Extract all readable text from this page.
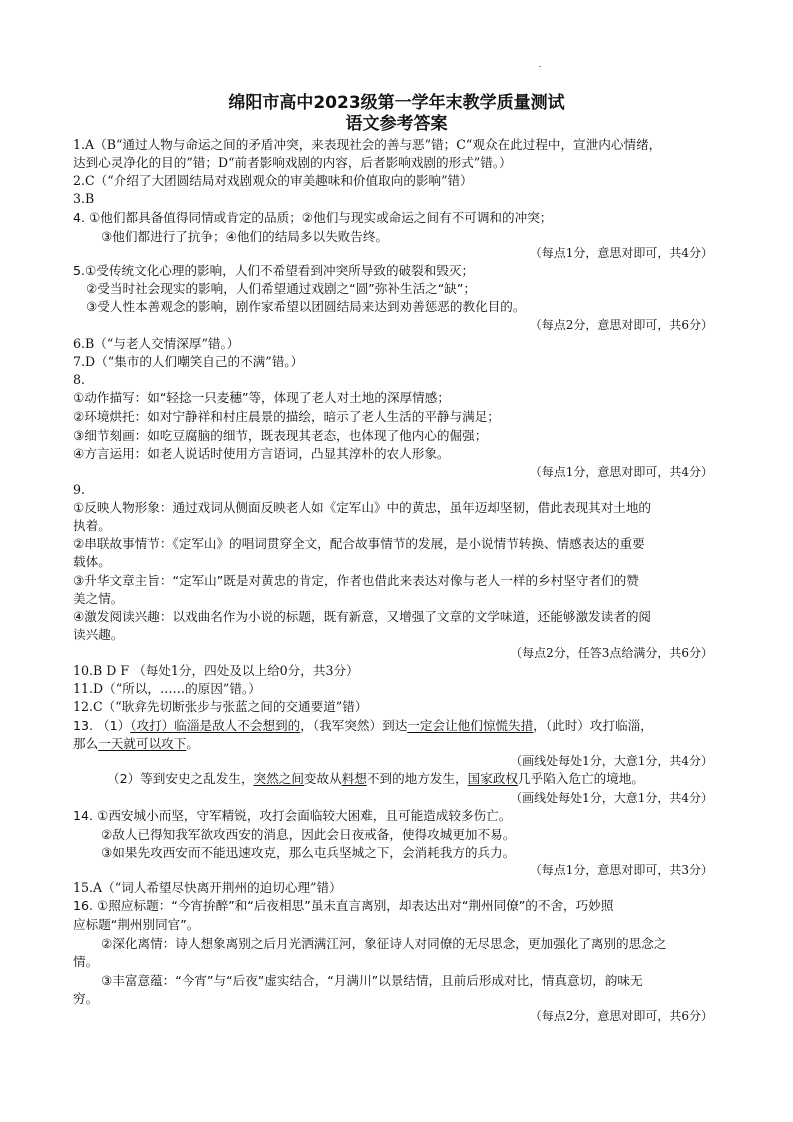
绵阳市高中2023级第一学年末教学质量测试
语文参考答案
1.A（B“通过人物与命运之间的矛盾冲突，来表现社会的善与恶”错；C“观众在此过程中，宣泄内心情绪，
达到心灵净化的目的”错；D“前者影响戏剧的内容，后者影响戏剧的形式”错。）
2.C（“介绍了大团圆结局对戏剧观众的审美趣味和价值取向的影响”错）
3.B
4. ①他们都具备值得同情或肯定的品质；②他们与现实或命运之间有不可调和的冲突；
③他们都进行了抗争；④他们的结局多以失败告终。
（每点1分，意思对即可，共4分）
5.①受传统文化心理的影响，人们不希望看到冲突所导致的破裂和毁灭；
②受当时社会现实的影响，人们希望通过戏剧之“圆”弥补生活之“缺”；
③受人性本善观念的影响，剧作家希望以团圆结局来达到劝善惩恶的教化目的。
（每点2分，意思对即可，共6分）
6.B（“与老人交情深厚”错。）
7.D（“集市的人们嘲笑自己的不满”错。）
8.
①动作描写：如“轻捻一只麦穗”等，体现了老人对土地的深厚情感；
②环境烘托：如对宁静祥和村庄晨景的描绘，暗示了老人生活的平静与满足；
③细节刻画：如吃豆腐脑的细节，既表现其老态，也体现了他内心的倔强；
④方言运用：如老人说话时使用方言语词，凸显其淳朴的农人形象。
（每点1分，意思对即可，共4分）
9.
①反映人物形象：通过戏词从侧面反映老人如《定军山》中的黄忠，虽年迈却坚韧，借此表现其对土地的
执着。
②串联故事情节：《定军山》的唱词贯穿全文，配合故事情节的发展，是小说情节转换、情感表达的重要
载体。
③升华文章主旨：“定军山”既是对黄忠的肯定，作者也借此来表达对像与老人一样的乡村坚守者们的赞
美之情。
④激发阅读兴趣：以戏曲名作为小说的标题，既有新意，又增强了文章的文学味道，还能够激发读者的阅
读兴趣。
（每点2分，任答3点给满分，共6分）
10.B D F （每处1分，四处及以上给0分，共3分）
11.D（“所以，……的原因”错。）
12.C（“耿弇先切断张步与张蓝之间的交通要道”错）
13. （1）（攻打）临淄是敌人不会想到的，（我军突然）到达一定会让他们惊慌失措，（此时）攻打临淄，
那么一天就可以攻下。
（画线处每处1分，大意1分，共4分）
（2）等到安史之乱发生，突然之间变故从料想不到的地方发生，国家政权几乎陷入危亡的境地。
（画线处每处1分，大意1分，共4分）
14. ①西安城小而坚，守军精锐，攻打会面临较大困难，且可能造成较多伤亡。
②敌人已得知我军欲攻西安的消息，因此会日夜戒备，使得攻城更加不易。
③如果先攻西安而不能迅速攻克，那么屯兵坚城之下，会消耗我方的兵力。
（每点1分，意思对即可，共3分）
15.A（“词人希望尽快离开荆州的迫切心理”错）
16. ①照应标题：“今宵拚醉”和“后夜相思”虽未直言离别，却表达出对“荆州同僚”的不舍，巧妙照
应标题“荆州别同官”。
②深化离情：诗人想象离别之后月光洒满江河，象征诗人对同僚的无尽思念，更加强化了离别的思念之
情。
③丰富意蕴：“今宵”与“后夜”虚实结合，“月满川”以景结情，且前后形成对比，情真意切，韵味无
穷。
（每点2分，意思对即可，共6分）
